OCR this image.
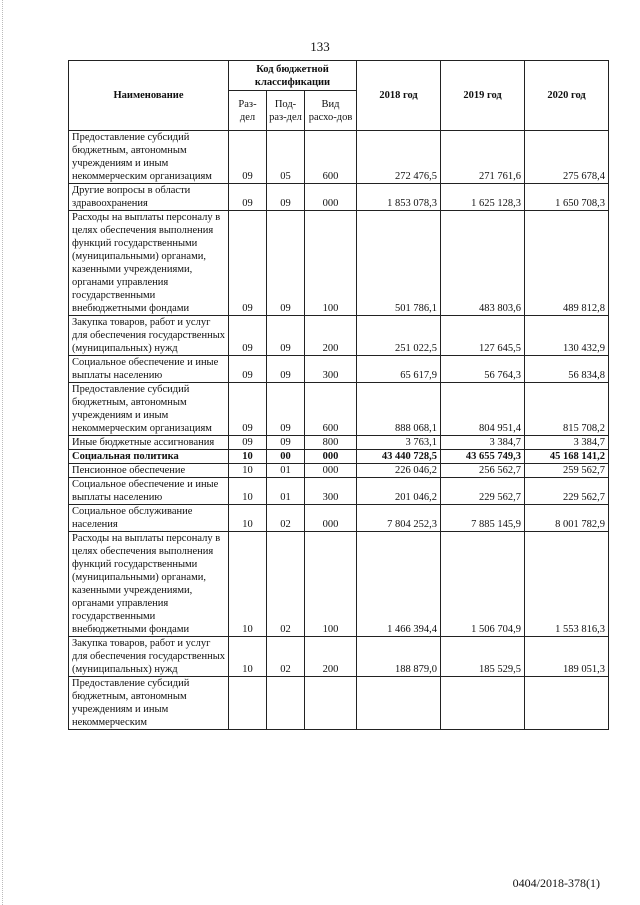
133
Наименование	Код бюджетной классификации			2018 год	2019 год	2020 год
	Раз-дел	Под-раз-дел	Вид расхо-дов			
Предоставление субсидий бюджетным, автономным учреждениям и иным некоммерческим организациям	09	05	600	272 476,5	271 761,6	275 678,4
Другие вопросы в области здравоохранения	09	09	000	1 853 078,3	1 625 128,3	1 650 708,3
Расходы на выплаты персоналу в целях обеспечения выполнения функций государственными (муниципальными) органами, казенными учреждениями, органами управления государственными внебюджетными фондами	09	09	100	501 786,1	483 803,6	489 812,8
Закупка товаров, работ и услуг для обеспечения государственных (муниципальных) нужд	09	09	200	251 022,5	127 645,5	130 432,9
Социальное обеспечение и иные выплаты населению	09	09	300	65 617,9	56 764,3	56 834,8
Предоставление субсидий бюджетным, автономным учреждениям и иным некоммерческим организациям	09	09	600	888 068,1	804 951,4	815 708,2
Иные бюджетные ассигнования	09	09	800	3 763,1	3 384,7	3 384,7
Социальная политика	10	00	000	43 440 728,5	43 655 749,3	45 168 141,2
Пенсионное обеспечение	10	01	000	226 046,2	256 562,7	259 562,7
Социальное обеспечение и иные выплаты населению	10	01	300	201 046,2	229 562,7	229 562,7
Социальное обслуживание населения	10	02	000	7 804 252,3	7 885 145,9	8 001 782,9
Расходы на выплаты персоналу в целях обеспечения выполнения функций государственными (муниципальными) органами, казенными учреждениями, органами управления государственными внебюджетными фондами	10	02	100	1 466 394,4	1 506 704,9	1 553 816,3
Закупка товаров, работ и услуг для обеспечения государственных (муниципальных) нужд	10	02	200	188 879,0	185 529,5	189 051,3
Предоставление субсидий бюджетным, автономным учреждениям и иным некоммерческим						
0404/2018-378(1)
